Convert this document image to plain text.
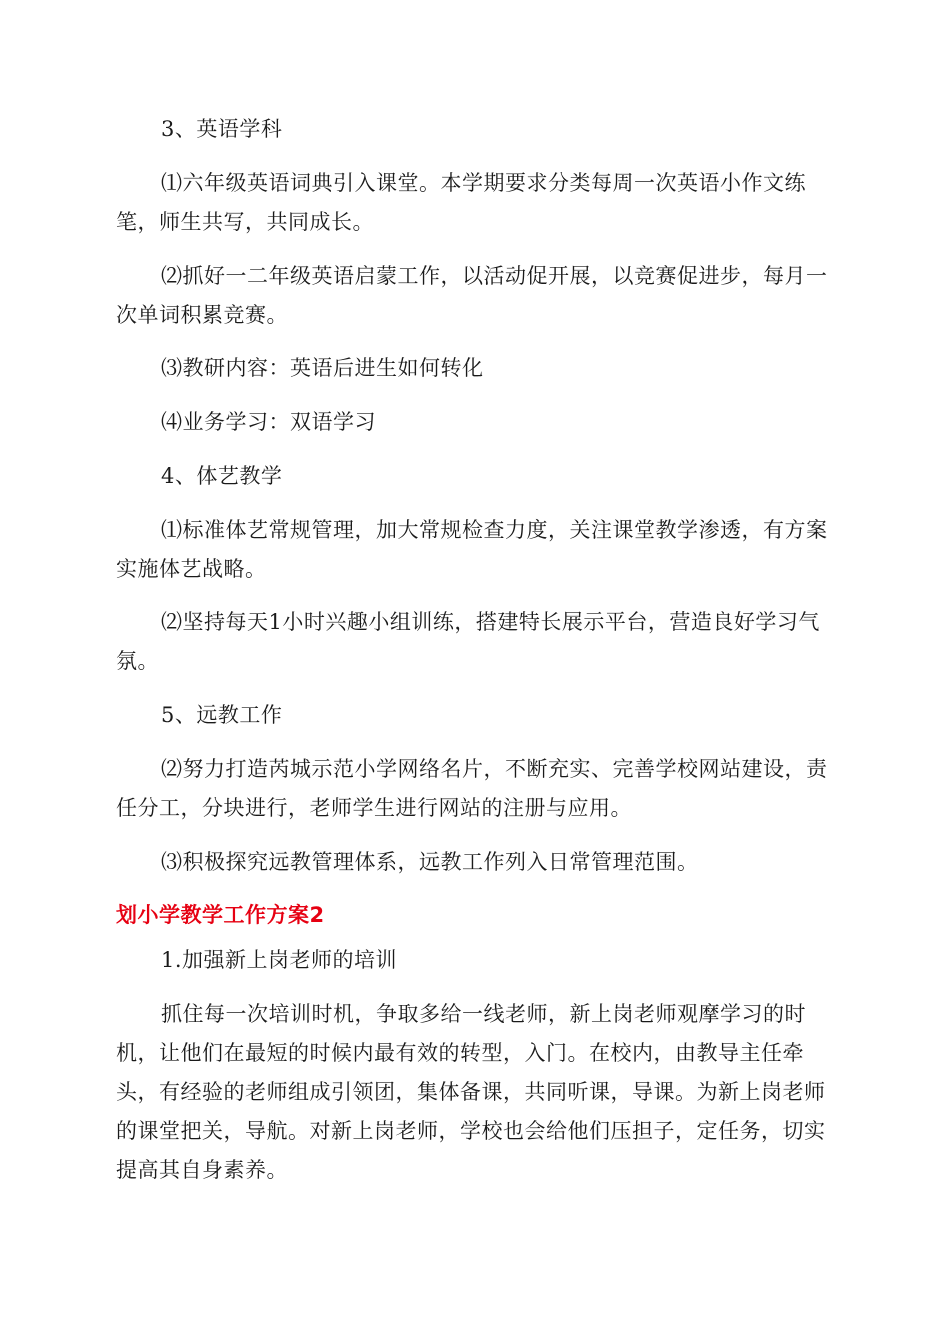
3、英语学科

⑴六年级英语词典引入课堂。本学期要求分类每周一次英语小作文练笔，师生共写，共同成长。

⑵抓好一二年级英语启蒙工作，以活动促开展，以竞赛促进步，每月一次单词积累竞赛。

⑶教研内容：英语后进生如何转化

⑷业务学习：双语学习

4、体艺教学

⑴标准体艺常规管理，加大常规检查力度，关注课堂教学渗透，有方案实施体艺战略。

⑵坚持每天1小时兴趣小组训练，搭建特长展示平台，营造良好学习气氛。

5、远教工作

⑵努力打造芮城示范小学网络名片，不断充实、完善学校网站建设，责任分工，分块进行，老师学生进行网站的注册与应用。

⑶积极探究远教管理体系，远教工作列入日常管理范围。

划小学教学工作方案2

1.加强新上岗老师的培训

抓住每一次培训时机，争取多给一线老师，新上岗老师观摩学习的时机，让他们在最短的时候内最有效的转型，入门。在校内，由教导主任牵头，有经验的老师组成引领团，集体备课，共同听课，导课。为新上岗老师的课堂把关，导航。对新上岗老师，学校也会给他们压担子，定任务，切实提高其自身素养。
